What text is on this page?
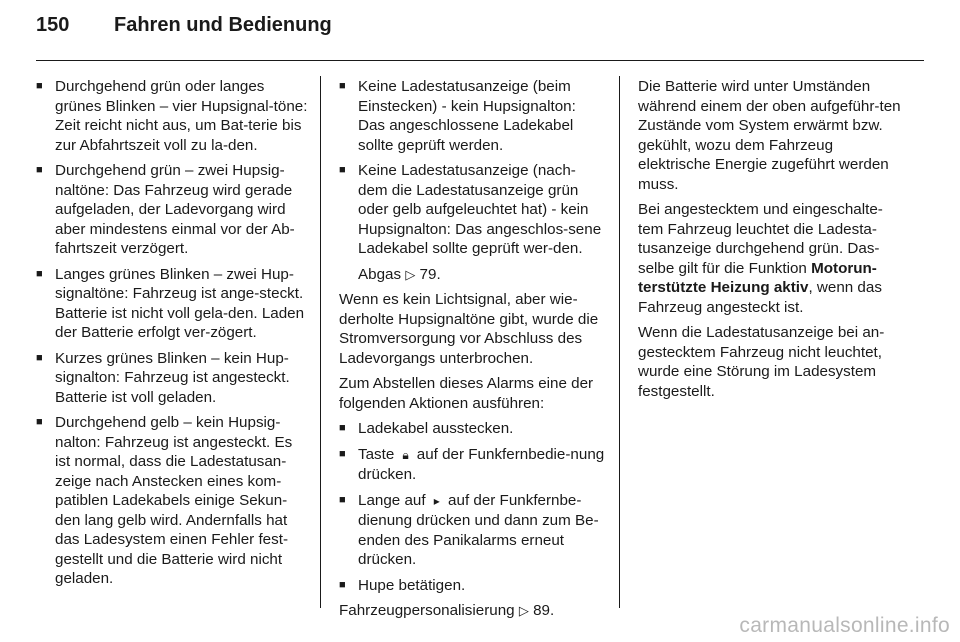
150	Fahren und Bedienung
■ Durchgehend grün oder langes grünes Blinken – vier Hupsignal-töne: Zeit reicht nicht aus, um Bat-terie bis zur Abfahrtszeit voll zu la-den.
■ Durchgehend grün – zwei Hupsig-naltöne: Das Fahrzeug wird gerade aufgeladen, der Ladevorgang wird aber mindestens einmal vor der Ab-fahrtszeit verzögert.
■ Langes grünes Blinken – zwei Hup-signaltöne: Fahrzeug ist ange-steckt. Batterie ist nicht voll gela-den. Laden der Batterie erfolgt ver-zögert.
■ Kurzes grünes Blinken – kein Hup-signalton: Fahrzeug ist angesteckt. Batterie ist voll geladen.
■ Durchgehend gelb – kein Hupsig-nalton: Fahrzeug ist angesteckt. Es ist normal, dass die Ladestatusan-zeige nach Anstecken eines kom-patiblen Ladekabels einige Sekun-den lang gelb wird. Andernfalls hat das Ladesystem einen Fehler fest-gestellt und die Batterie wird nicht geladen.
■ Keine Ladestatusanzeige (beim Einstecken) - kein Hupsignalton: Das angeschlossene Ladekabel sollte geprüft werden.
■ Keine Ladestatusanzeige (nach-dem die Ladestatusanzeige grün oder gelb aufgeleuchtet hat) - kein Hupsignalton: Das angeschlos-sene Ladekabel sollte geprüft wer-den.

Abgas ▷ 79.

Wenn es kein Lichtsignal, aber wie-derholte Hupsignaltöne gibt, wurde die Stromversorgung vor Abschluss des Ladevorgangs unterbrochen.

Zum Abstellen dieses Alarms eine der folgenden Aktionen ausführen:

■ Ladekabel ausstecken.
■ Taste 🔒︎ auf der Funkfernbedie-nung drücken.
■ Lange auf ▸ auf der Funkfernbe-dienung drücken und dann zum Be-enden des Panikalarms erneut drücken.
■ Hupe betätigen.

Fahrzeugpersonalisierung ▷ 89.

Die Batterie wird unter Umständen während einem der oben aufgeführ-ten Zustände vom System erwärmt bzw. gekühlt, wozu dem Fahrzeug elektrische Energie zugeführt werden muss.

Bei angestecktem und eingeschalte-tem Fahrzeug leuchtet die Ladesta-tusanzeige durchgehend grün. Das-selbe gilt für die Funktion Motorun-terstützte Heizung aktiv, wenn das Fahrzeug angesteckt ist.

Wenn die Ladestatusanzeige bei an-gestecktem Fahrzeug nicht leuchtet, wurde eine Störung im Ladesystem festgestellt.

carmanualsonline.info
